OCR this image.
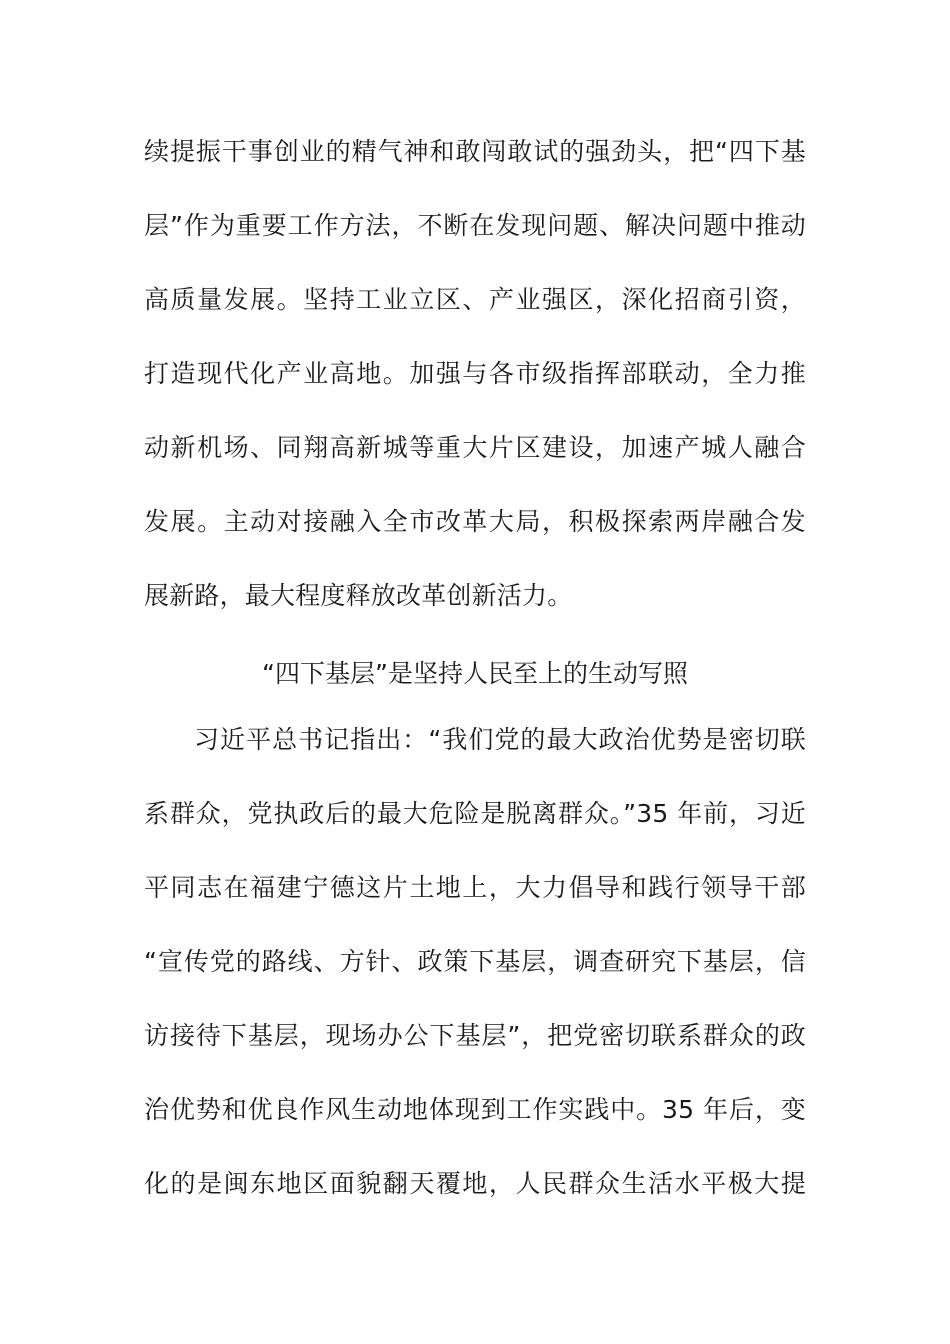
续提振干事创业的精气神和敢闯敢试的强劲头，把“四下基
层”作为重要工作方法，不断在发现问题、解决问题中推动
高质量发展。坚持工业立区、产业强区，深化招商引资，
打造现代化产业高地。加强与各市级指挥部联动，全力推
动新机场、同翔高新城等重大片区建设，加速产城人融合
发展。主动对接融入全市改革大局，积极探索两岸融合发
展新路，最大程度释放改革创新活力。
“四下基层”是坚持人民至上的生动写照
习近平总书记指出：“我们党的最大政治优势是密切联
系群众，党执政后的最大危险是脱离群众。”35 年前，习近
平同志在福建宁德这片土地上，大力倡导和践行领导干部
“宣传党的路线、方针、政策下基层，调查研究下基层，信
访接待下基层，现场办公下基层”，把党密切联系群众的政
治优势和优良作风生动地体现到工作实践中。35 年后，变
化的是闽东地区面貌翻天覆地，人民群众生活水平极大提
